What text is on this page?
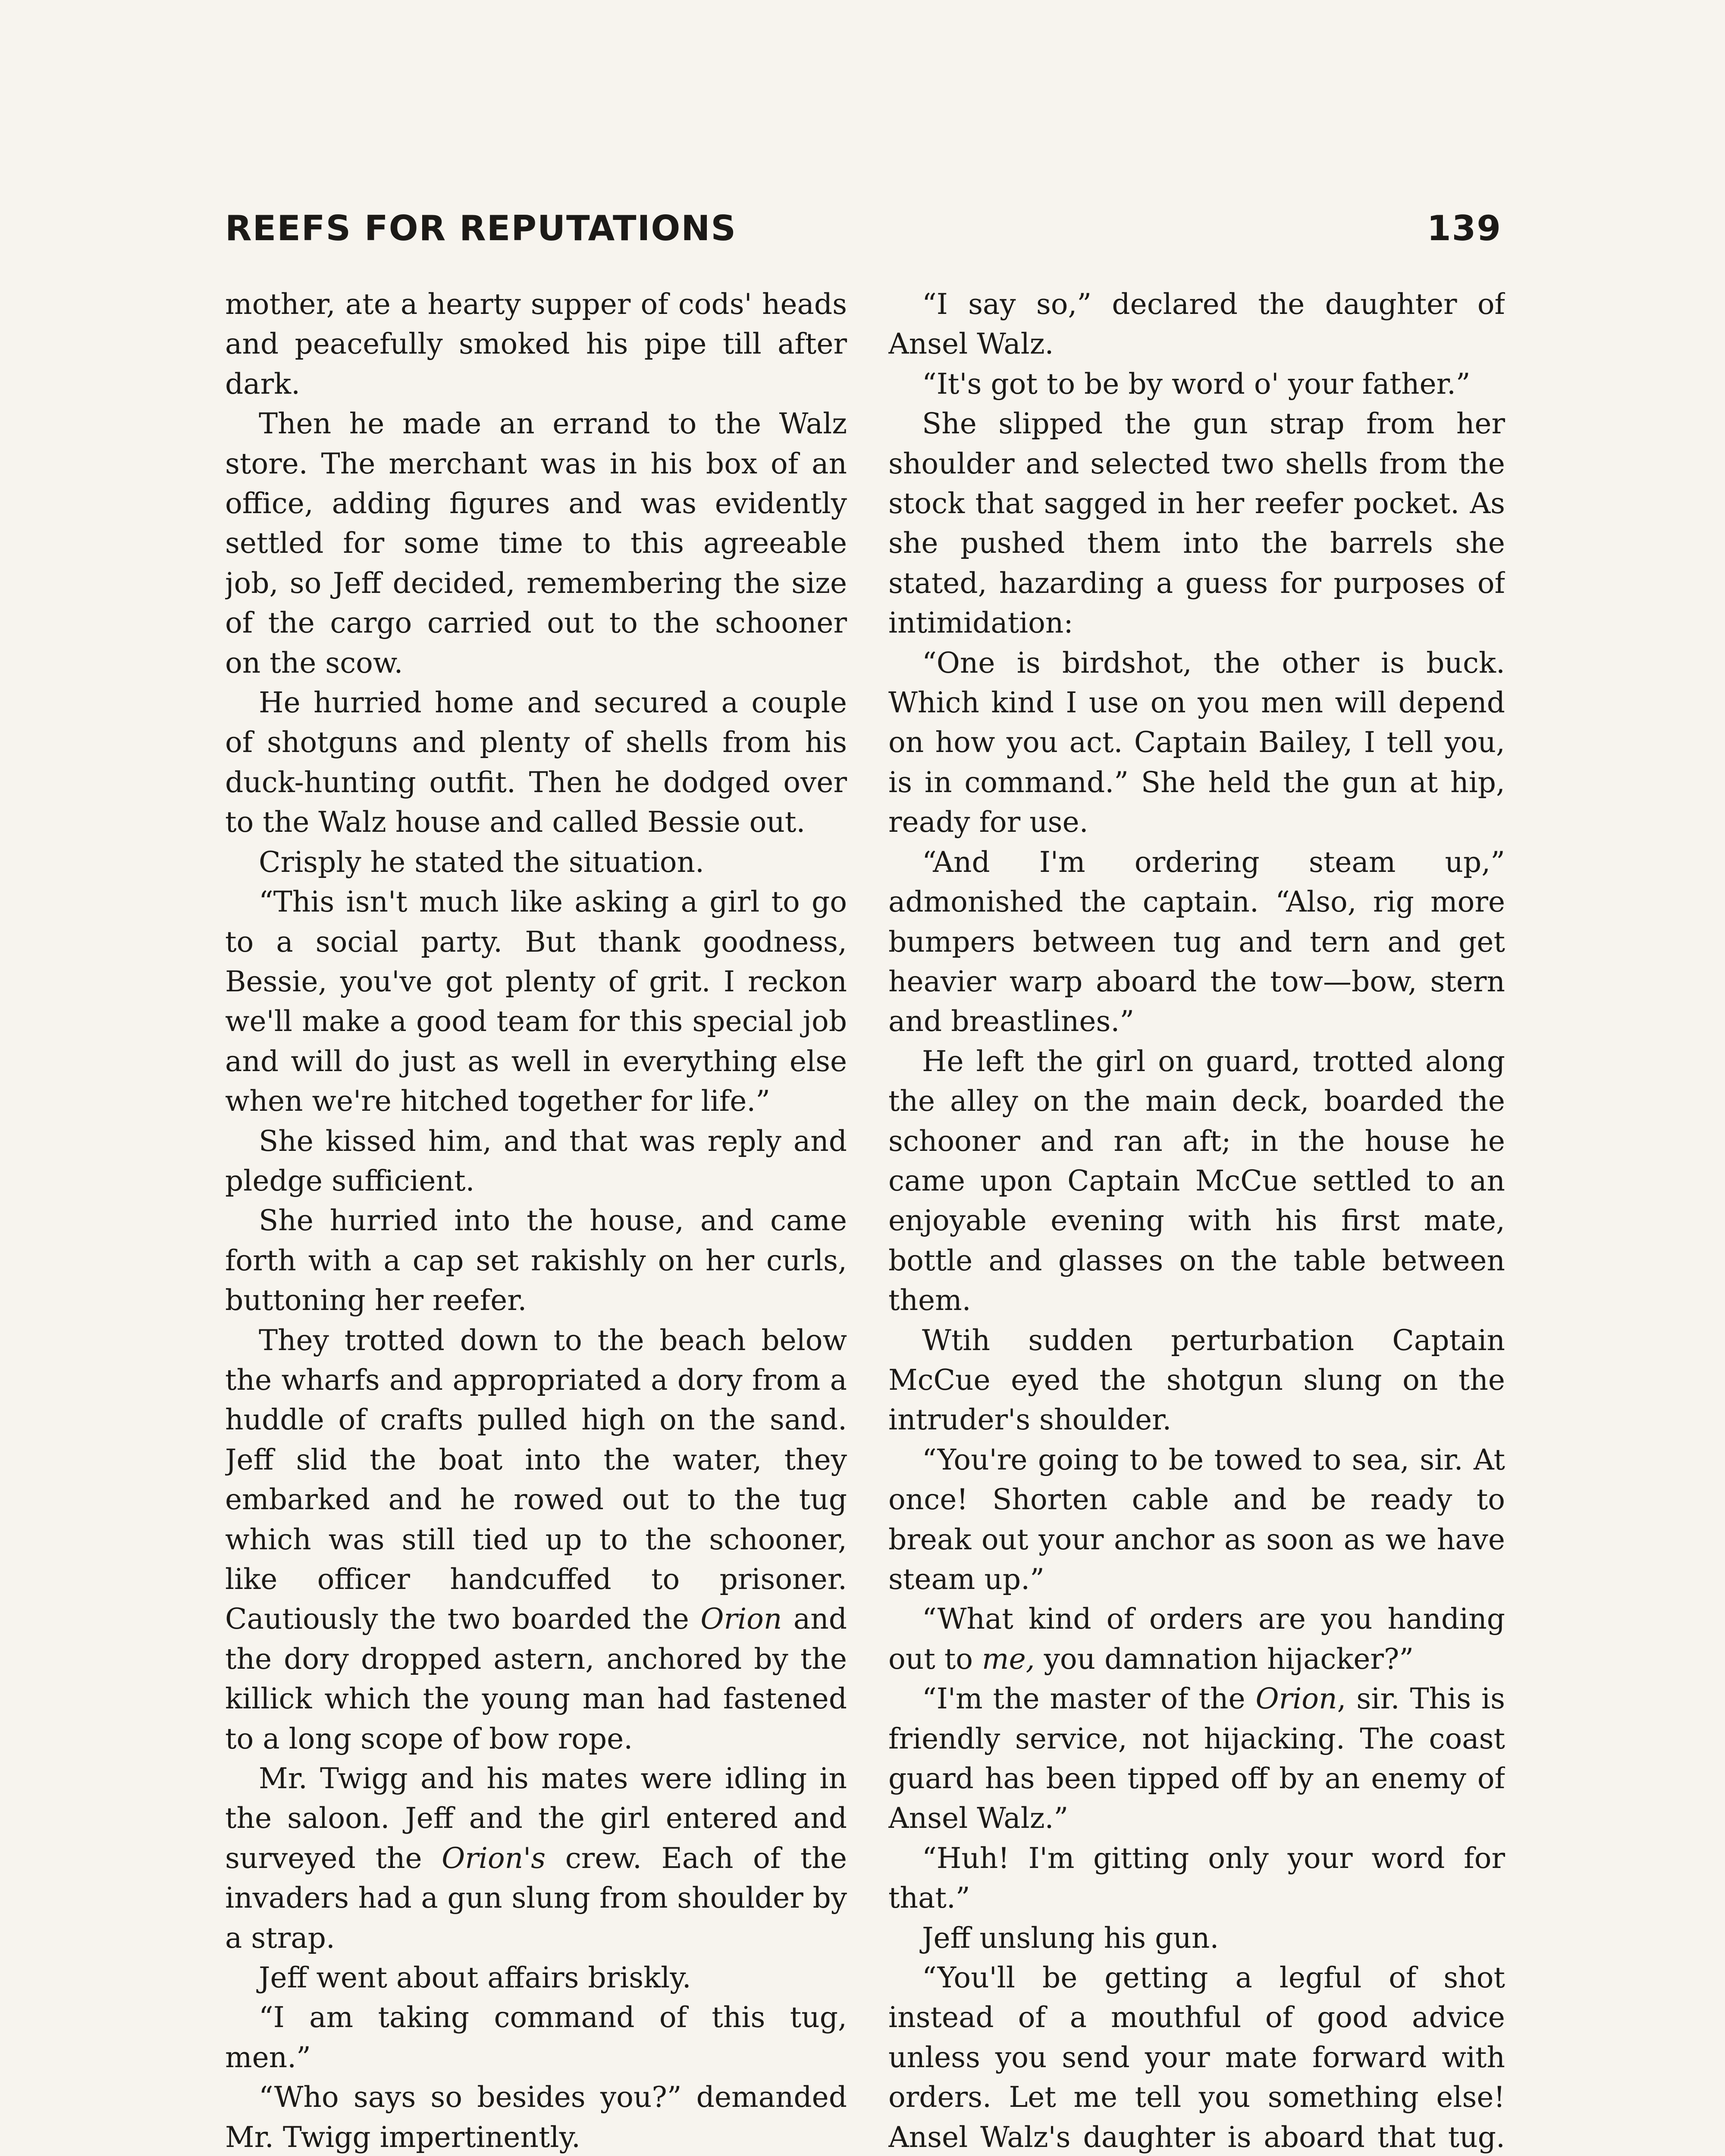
REEFS FOR REPUTATIONS	139

mother, ate a hearty supper of cods' heads and peacefully smoked his pipe till after dark.

Then he made an errand to the Walz store. The merchant was in his box of an office, adding figures and was evidently settled for some time to this agreeable job, so Jeff decided, remembering the size of the cargo carried out to the schooner on the scow.

He hurried home and secured a couple of shotguns and plenty of shells from his duck-hunting outfit. Then he dodged over to the Walz house and called Bessie out.

Crisply he stated the situation.

“This isn't much like asking a girl to go to a social party. But thank goodness, Bessie, you've got plenty of grit. I reckon we'll make a good team for this special job and will do just as well in everything else when we're hitched together for life.”

She kissed him, and that was reply and pledge sufficient.

She hurried into the house, and came forth with a cap set rakishly on her curls, buttoning her reefer.

They trotted down to the beach below the wharfs and appropriated a dory from a huddle of crafts pulled high on the sand. Jeff slid the boat into the water, they embarked and he rowed out to the tug which was still tied up to the schooner, like officer handcuffed to prisoner. Cautiously the two boarded the Orion and the dory dropped astern, anchored by the killick which the young man had fastened to a long scope of bow rope.

Mr. Twigg and his mates were idling in the saloon. Jeff and the girl entered and surveyed the Orion's crew. Each of the invaders had a gun slung from shoulder by a strap.

Jeff went about affairs briskly.

“I am taking command of this tug, men.”

“Who says so besides you?” demanded Mr. Twigg impertinently.

“I say so,” declared the daughter of Ansel Walz.

“It's got to be by word o' your father.”

She slipped the gun strap from her shoulder and selected two shells from the stock that sagged in her reefer pocket. As she pushed them into the barrels she stated, hazarding a guess for purposes of intimidation:

“One is birdshot, the other is buck. Which kind I use on you men will depend on how you act. Captain Bailey, I tell you, is in command.” She held the gun at hip, ready for use.

“And I'm ordering steam up,” admonished the captain. “Also, rig more bumpers between tug and tern and get heavier warp aboard the tow—bow, stern and breastlines.”

He left the girl on guard, trotted along the alley on the main deck, boarded the schooner and ran aft; in the house he came upon Captain McCue settled to an enjoyable evening with his first mate, bottle and glasses on the table between them.

Wtih sudden perturbation Captain McCue eyed the shotgun slung on the intruder's shoulder.

“You're going to be towed to sea, sir. At once! Shorten cable and be ready to break out your anchor as soon as we have steam up.”

“What kind of orders are you handing out to me, you damnation hijacker?”

“I'm the master of the Orion, sir. This is friendly service, not hijacking. The coast guard has been tipped off by an enemy of Ansel Walz.”

“Huh! I'm gitting only your word for that.”

Jeff unslung his gun.

“You'll be getting a legful of shot instead of a mouthful of good advice unless you send your mate forward with orders. Let me tell you something else! Ansel Walz's daughter is aboard that tug.
